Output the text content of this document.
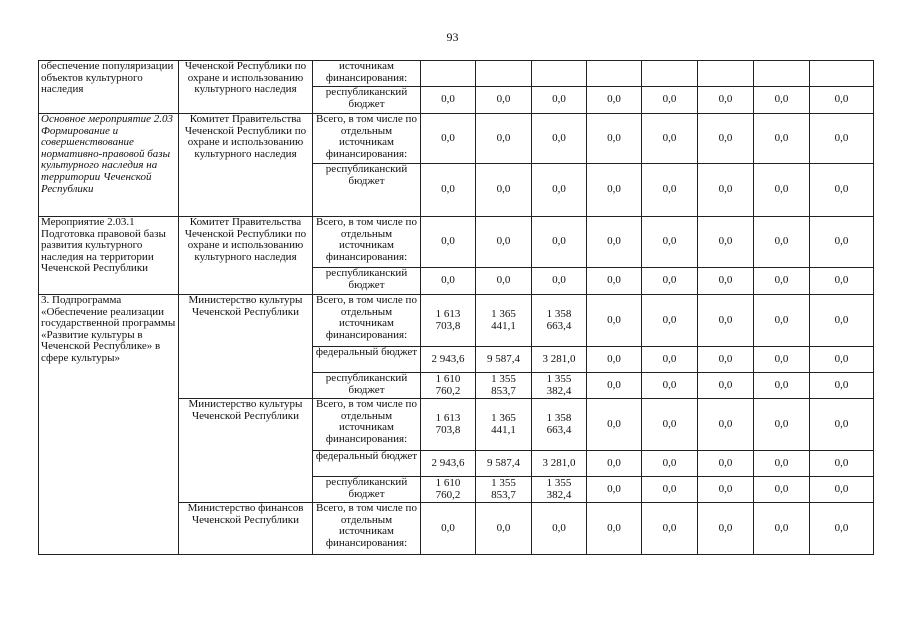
93
обеспечение популяризации объектов культурного наследия	Чеченской Республики по охране и использованию культурного наследия	источникам финансирования:								
		республиканский бюджет	0,0	0,0	0,0	0,0	0,0	0,0	0,0	0,0
Основное мероприятие 2.03 Формирование и совершенствование нормативно-правовой базы культурного наследия на территории Чеченской Республики	Комитет Правительства Чеченской Республики по охране и использованию культурного наследия	Всего, в том числе по отдельным источникам финансирования:	0,0	0,0	0,0	0,0	0,0	0,0	0,0	0,0
		республиканский бюджет	0,0	0,0	0,0	0,0	0,0	0,0	0,0	0,0
Мероприятие 2.03.1 Подготовка правовой базы развития культурного наследия на территории Чеченской Республики	Комитет Правительства Чеченской Республики по охране и использованию культурного наследия	Всего, в том числе по отдельным источникам финансирования:	0,0	0,0	0,0	0,0	0,0	0,0	0,0	0,0
		республиканский бюджет	0,0	0,0	0,0	0,0	0,0	0,0	0,0	0,0
3. Подпрограмма «Обеспечение реализации государственной программы «Развитие культуры в Чеченской Республике» в сфере культуры»	Министерство культуры Чеченской Республики	Всего, в том числе по отдельным источникам финансирования:	1 613 703,8	1 365 441,1	1 358 663,4	0,0	0,0	0,0	0,0	0,0
		федеральный бюджет	2 943,6	9 587,4	3 281,0	0,0	0,0	0,0	0,0	0,0
		республиканский бюджет	1 610 760,2	1 355 853,7	1 355 382,4	0,0	0,0	0,0	0,0	0,0
	Министерство культуры Чеченской Республики	Всего, в том числе по отдельным источникам финансирования:	1 613 703,8	1 365 441,1	1 358 663,4	0,0	0,0	0,0	0,0	0,0
		федеральный бюджет	2 943,6	9 587,4	3 281,0	0,0	0,0	0,0	0,0	0,0
		республиканский бюджет	1 610 760,2	1 355 853,7	1 355 382,4	0,0	0,0	0,0	0,0	0,0
	Министерство финансов Чеченской Республики	Всего, в том числе по отдельным источникам финансирования:	0,0	0,0	0,0	0,0	0,0	0,0	0,0	0,0
